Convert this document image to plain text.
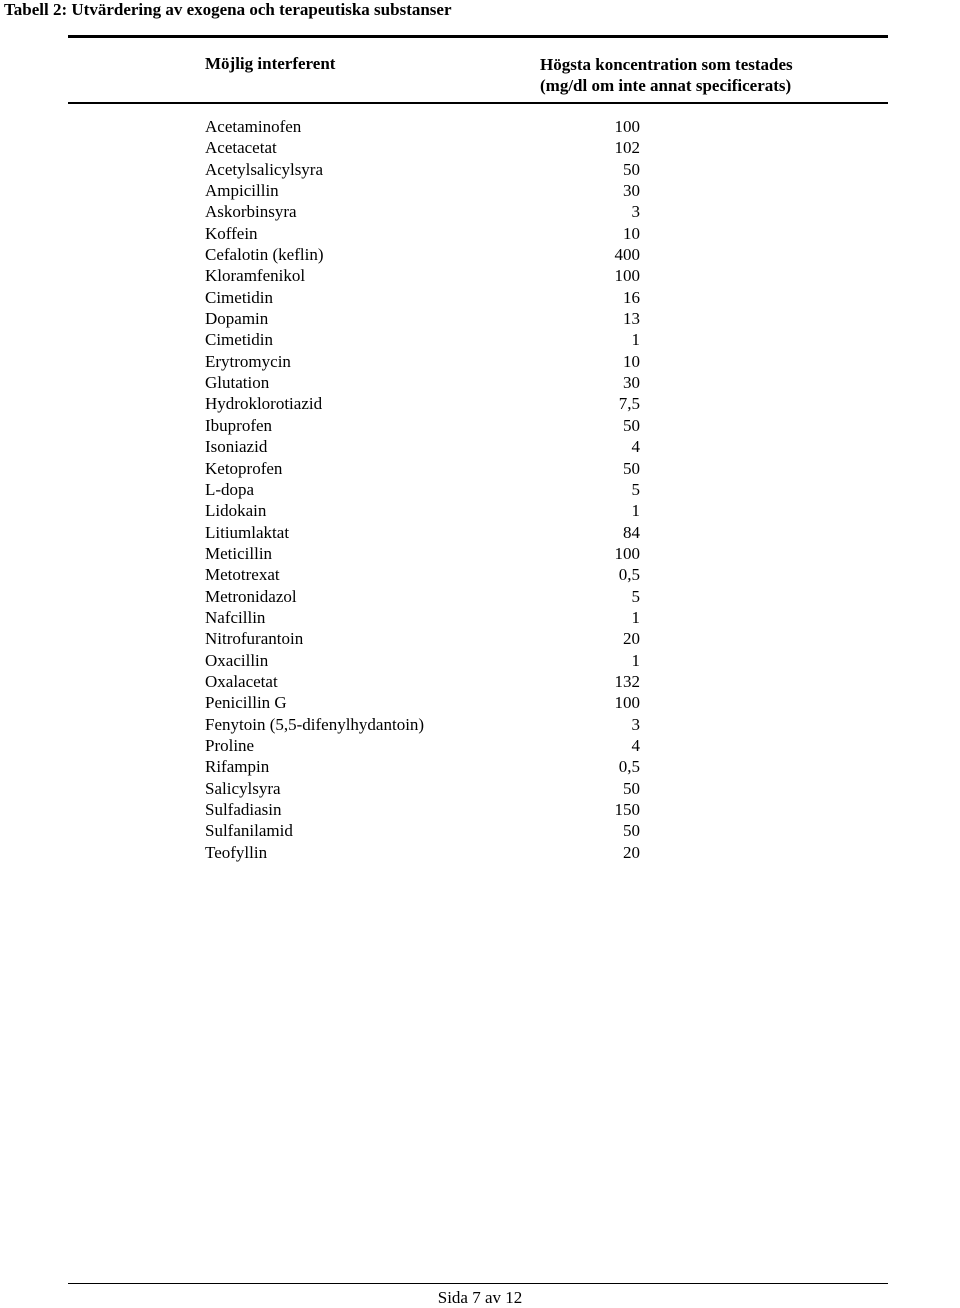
Tabell 2: Utvärdering av exogena och terapeutiska substanser
Möjlig interferent	Högsta koncentration som testades
(mg/dl om inte annat specificerats)
Acetaminofen	100
Acetacetat	102
Acetylsalicylsyra	50
Ampicillin	30
Askorbinsyra	3
Koffein	10
Cefalotin (keflin)	400
Kloramfenikol	100
Cimetidin	16
Dopamin	13
Cimetidin	1
Erytromycin	10
Glutation	30
Hydroklorotiazid	7,5
Ibuprofen	50
Isoniazid	4
Ketoprofen	50
L-dopa	5
Lidokain	1
Litiumlaktat	84
Meticillin	100
Metotrexat	0,5
Metronidazol	5
Nafcillin	1
Nitrofurantoin	20
Oxacillin	1
Oxalacetat	132
Penicillin G	100
Fenytoin (5,5-difenylhydantoin)	3
Proline	4
Rifampin	0,5
Salicylsyra	50
Sulfadiasin	150
Sulfanilamid	50
Teofyllin	20
Sida 7 av 12
